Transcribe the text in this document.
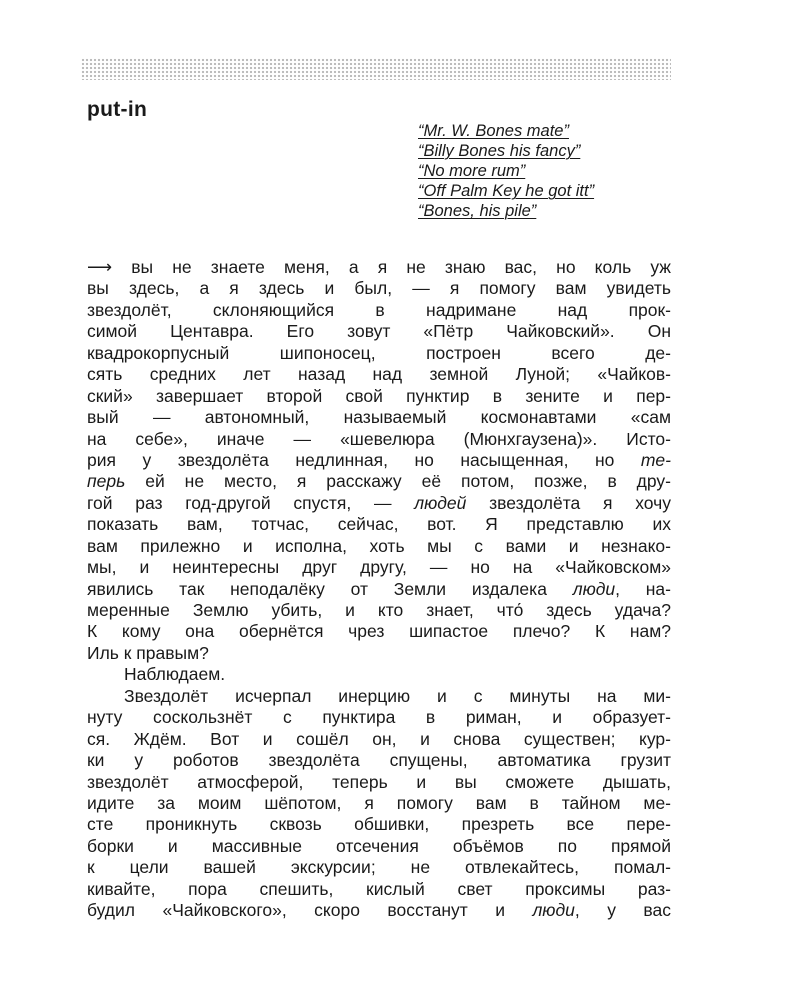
put-in
“Mr. W. Bones mate”
“Billy Bones his fancy”
“No more rum”
“Off Palm Key he got itt”
“Bones, his pile”
⟶ вы не знаете меня, а я не знаю вас, но коль уж
вы здесь, а я здесь и был, — я помогу вам увидеть
звездолёт, склоняющийся в надримане над прок-
симой Центавра. Его зовут «Пётр Чайковский». Он
квадрокорпусный шипоносец, построен всего де-
сять средних лет назад над земной Луной; «Чайков-
ский» завершает второй свой пунктир в зените и пер-
вый — автономный, называемый космонавтами «сам
на себе», иначе — «шевелюра (Мюнхгаузена)». Исто-
рия у звездолёта недлинная, но насыщенная, но те-
перь ей не место, я расскажу её потом, позже, в дру-
гой раз год-другой спустя, — людей звездолёта я хочу
показать вам, тотчас, сейчас, вот. Я представлю их
вам прилежно и исполна, хоть мы с вами и незнако-
мы, и неинтересны друг другу, — но на «Чайковском»
явились так неподалёку от Земли издалека люди, на-
меренные Землю убить, и кто знает, что́ здесь удача?
К кому она обернётся чрез шипастое плечо? К нам?
Иль к правым?
Наблюдаем.
Звездолёт исчерпал инерцию и с минуты на ми-
нуту соскользнёт с пунктира в риман, и образует-
ся. Ждём. Вот и сошёл он, и снова существен; кур-
ки у роботов звездолёта спущены, автоматика грузит
звездолёт атмосферой, теперь и вы сможете дышать,
идите за моим шёпотом, я помогу вам в тайном ме-
сте проникнуть сквозь обшивки, презреть все пере-
борки и массивные отсечения объёмов по прямой
к цели вашей экскурсии; не отвлекайтесь, помал-
кивайте, пора спешить, кислый свет проксимы раз-
будил «Чайковского», скоро восстанут и люди, у вас
